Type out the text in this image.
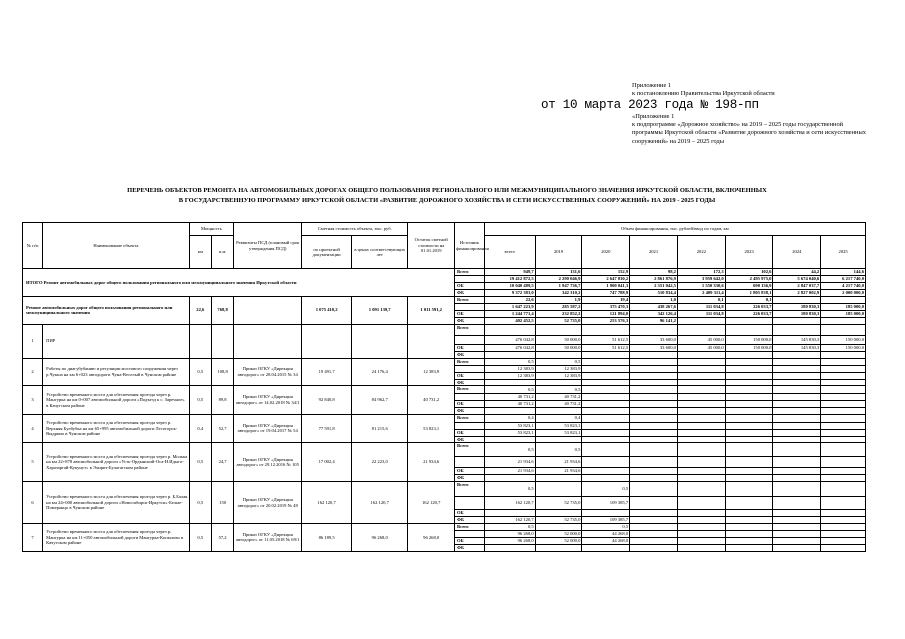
Приложение 1
к постановлению Правительства Иркутской области
от 10 марта 2023 года № 198-пп
«Приложение 1
к подпрограмме «Дорожное хозяйство» на 2019 – 2025 годы государственной программы Иркутской области «Развитие дорожного хозяйства и сети искусственных сооружений» на 2019 – 2025 годы
ПЕРЕЧЕНЬ ОБЪЕКТОВ РЕМОНТА НА АВТОМОБИЛЬНЫХ ДОРОГАХ ОБЩЕГО ПОЛЬЗОВАНИЯ РЕГИОНАЛЬНОГО ИЛИ МЕЖМУНИЦИПАЛЬНОГО ЗНАЧЕНИЯ ИРКУТСКОЙ ОБЛАСТИ, ВКЛЮЧЕННЫХ
В ГОСУДАРСТВЕННУЮ ПРОГРАММУ ИРКУТСКОЙ ОБЛАСТИ «РАЗВИТИЕ ДОРОЖНОГО ХОЗЯЙСТВА И СЕТИ ИСКУССТВЕННЫХ СООРУЖЕНИЙ» НА 2019 - 2025 ГОДЫ
№ п/п	Наименование объекта	Мощность		Реквизиты ПСД (плановый срок утверждения ПСД)	Сметная стоимость объекта, тыс. руб.		Остаток сметной стоимости на 01.01.2019	Источник финансирования	Объем финансирования, тыс. рублей/ввод по годам, км							
		км	п.м.		по проектной документации	в ценах соответствующих лет			всего	2019	2020	2021	2022	2023	2024	2025
ИТОГО Ремонт автомобильных дорог общего пользования регионального или межмуниципального значения Иркутской области								Всего	949,7	131,6	152,9	98,2	172,3	102,6	44,2	144,6
									19 412 872,5	2 290 046,9	2 647 830,2	2 861 876,9	3 959 642,0	2 495 975,0	5 674 040,6	6 217 740,0
								ОБ	10 040 489,5	1 947 736,7	1 900 041,3	2 351 042,5	1 550 330,6	690 136,9	2 847 037,7	4 217 740,0
								ФБ	9 372 383,0	342 310,2	747 788,9	510 834,4	2 409 311,4	1 805 838,1	2 827 002,9	2 000 000,0
Ремонт автомобильных дорог общего пользования регионального или межмуниципального значения		22,6	768,8		1 075 410,2	1 091 139,7	1 011 591,2	Всего	22,6	1,9	19,4	1,0	0,1	0,1		
									1 647 223,9	285 587,2	375 470,3	438 267,6	111 034,8	226 033,7	180 830,3	185 000,0
								ОБ	1 244 771,4	232 852,2	121 894,0	342 126,4	111 034,8	226 033,7	180 830,3	185 000,0
								ФБ	402 452,5	52 735,0	253 576,3	96 141,2				
1	ПИР							Всего								
									476 042,8	50 000,0	51 612,5	33 600,0	45 000,0	150 000,0	145 830,3	150 000,0
								ОБ	476 042,8	50 000,0	51 612,5	33 600,0	45 000,0	150 000,0	145 830,3	150 000,0
								ФБ								
2	Работы по диагубубанию и регуляции мостового сооружения через р.Чукша на км 6+023 автодороги Чуна-Веселый в Чунском районе	0,5	108,8	Приказ ОГКУ «Дирекция автодорог» от 28.04.2015 № 34	19 491,7	24 176,4	12 383,9	Всего	0,5	0,5						
									12 383,9	12 383,9						
								ОБ	12 383,9	12 383,9						
								ФБ								
3	Устройство временного моста для обеспечения проезда через р. Мангурка на км 0+007 автомобильной дороги «Подъезд к с. Заречное» в Качугском районе	0,5	89,8	Приказ ОГКУ «Дирекция автодорог» от 14.02.2018 № 34/1	92 840,8	84 962,7	40 731,2	Всего	0,5	0,5						
									40 731,2	40 731,2						
								ОБ	40 731,2	40 731,2						
								ФБ								
4	Устройство временного моста для обеспечения проезда через р. Верхняя Булбубка на км 65+995 автомобильной дороги Лесогорск-Выдрино в Чунском районе	0,4	52,7	Приказ ОГКУ «Дирекция автодорог» от 19.04.2017 № 54	77 591,8	81 215,6	53 823,1	Всего	0,4	0,4						
									53 823,1	53 823,1						
								ОБ	53 823,1	53 823,1						
								ФБ								
5	Устройство временного моста для обеспечения проезда через р. Молька на км 22+878 автомобильной дороги «Усть-Ордынский-Оса-Н.Идыга-Харазаргай-Кукунут» в Эхирит-Булагатском районе	0,5	24,7	Приказ ОГКУ «Дирекция автодорог» от 29.12.2016 № 105	17 002,4	22 223,0	21 934,6	Всего	0,5	0,5						
									21 934,6	21 934,6						
								ОБ	21 934,6	21 934,6						
								ФБ								
6	Устройство временного моста для обеспечения проезда через р. Б.Балая на км 24+000 автомобильной дороги «Новосибирск-Иркутск»-Белые-Померанцо в Чунском районе	0,5	150	Приказ ОГКУ «Дирекция автодорог» от 20.02.2019 № 48	162 120,7	162 120,7	162 120,7	Всего	0,5		0,5					
									162 120,7	52 735,0	109 385,7					
								ОБ								
								ФБ	162 120,7	52 735,0	109 385,7					
7	Устройство временного моста для обеспечения проезда через р. Мангурка на км 11+050 автомобильной дороги Мангурка-Копылово в Качугском районе	0,5	57,2	Приказ ОГКУ «Дирекция автодорог» от 11.05.2018 № 69/1	86 189,5	96 268,0	96 268,0	Всего	0,5		0,5					
									96 268,0	52 000,0	44 268,0					
								ОБ	96 268,0	52 000,0	44 268,0					
								ФБ								
